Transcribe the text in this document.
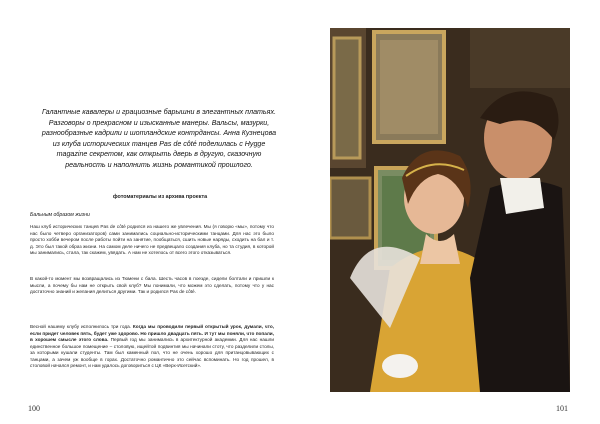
Галантные кавалеры и грациозные барышни в элегантных платьях. Разговоры о прекрасном и изысканные манеры. Вальсы, мазурки, разнообразные кадрили и шотландские контрдансы. Анна Кузнецова из клуба исторических танцев Pas de côté поделилась с Hygge magazine секретом, как открыть дверь в другую, сказочную реальность и наполнить жизнь романтикой прошлого.
фотоматериалы из архива проекта
Бальным образом жизни
Наш клуб исторических танцев Pas de côté родился из нашего же увлечения. Мы (я говорю «мы», потому что нас было четверо организаторов) сами занимались социально-историческими танцами. Для нас это было просто хобби вечером после работы пойти на занятие, пообщаться, сшить новые наряды, сходить на бал и т. д. Это был такой образ жизни. На самом деле ничего не предвещало создания клуба, но та студия, в которой мы занимались, стала, так скажем, увядать. А нам не хотелось от всего этого отказываться.
В какой-то момент мы возвращались из Тюмени с бала. Шесть часов в поезде, сидели болтали и пришли к мысли, а почему бы нам не открыть свой клуб? Мы понимали, что можем это сделать, потому что у нас достаточно знаний и желания делиться другими. Так и родился Pas de côté.
Весной нашему клубу исполнилось три года. Когда мы проводили первый открытый урок, думали, что, если придет человек пять, будет уже здорово. Но пришло двадцать пять. И тут мы поняли, что попали, в хорошем смысле этого слова. Первый год мы занимались в архитектурной академии. Для нас нашли единственное большое помещение – столовую, ищейтой подвинтия мы начинали стоту, что разделили столы, за которыми кушали студенты. Там был каменный пол, что не очень хорошо для пританцовывающих с танцами, а зачем уж вообще в горах. Достаточно романтично это сейчас вспоминать. Но год прошел, в столовой начался ремонт, и нам удалось договориться с ЦК «Верх-Исетский».
100	101
